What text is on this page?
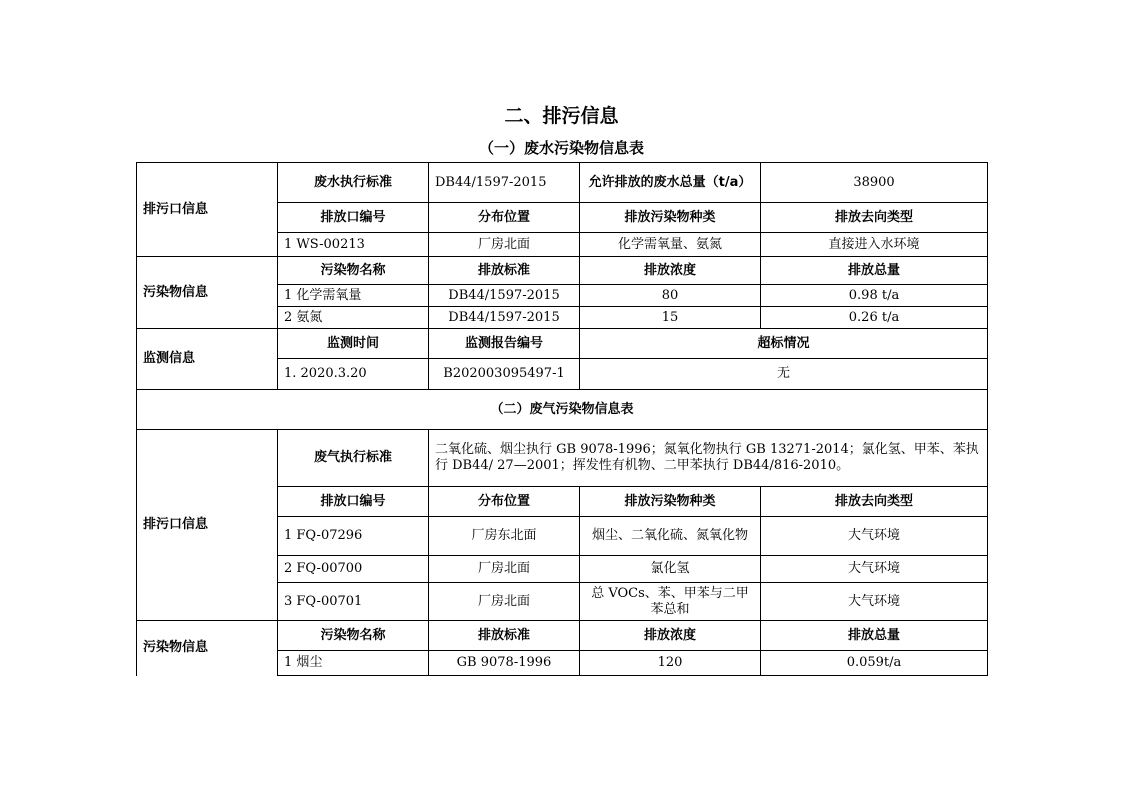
二、排污信息
（一）废水污染物信息表
排污口信息	废水执行标准	DB44/1597-2015	允许排放的废水总量（t/a）	38900
	排放口编号	分布位置	排放污染物种类	排放去向类型
	1 WS-00213	厂房北面	化学需氧量、氨氮	直接进入水环境
污染物信息	污染物名称	排放标准	排放浓度	排放总量
	1 化学需氧量	DB44/1597-2015	80	0.98 t/a
	2 氨氮	DB44/1597-2015	15	0.26 t/a
监测信息	监测时间	监测报告编号	超标情况	
	1. 2020.3.20	B202003095497-1	无	
（二）废气污染物信息表				
排污口信息	废气执行标准	二氧化硫、烟尘执行 GB 9078-1996；氮氧化物执行 GB 13271-2014；氯化氢、甲苯、苯执行 DB44/ 27—2001；挥发性有机物、二甲苯执行 DB44/816-2010。		
	排放口编号	分布位置	排放污染物种类	排放去向类型
	1 FQ-07296	厂房东北面	烟尘、二氧化硫、氮氧化物	大气环境
	2 FQ-00700	厂房北面	氯化氢	大气环境
	3 FQ-00701	厂房北面	总 VOCs、苯、甲苯与二甲苯总和	大气环境
污染物信息	污染物名称	排放标准	排放浓度	排放总量
	1 烟尘	GB 9078-1996	120	0.059t/a
